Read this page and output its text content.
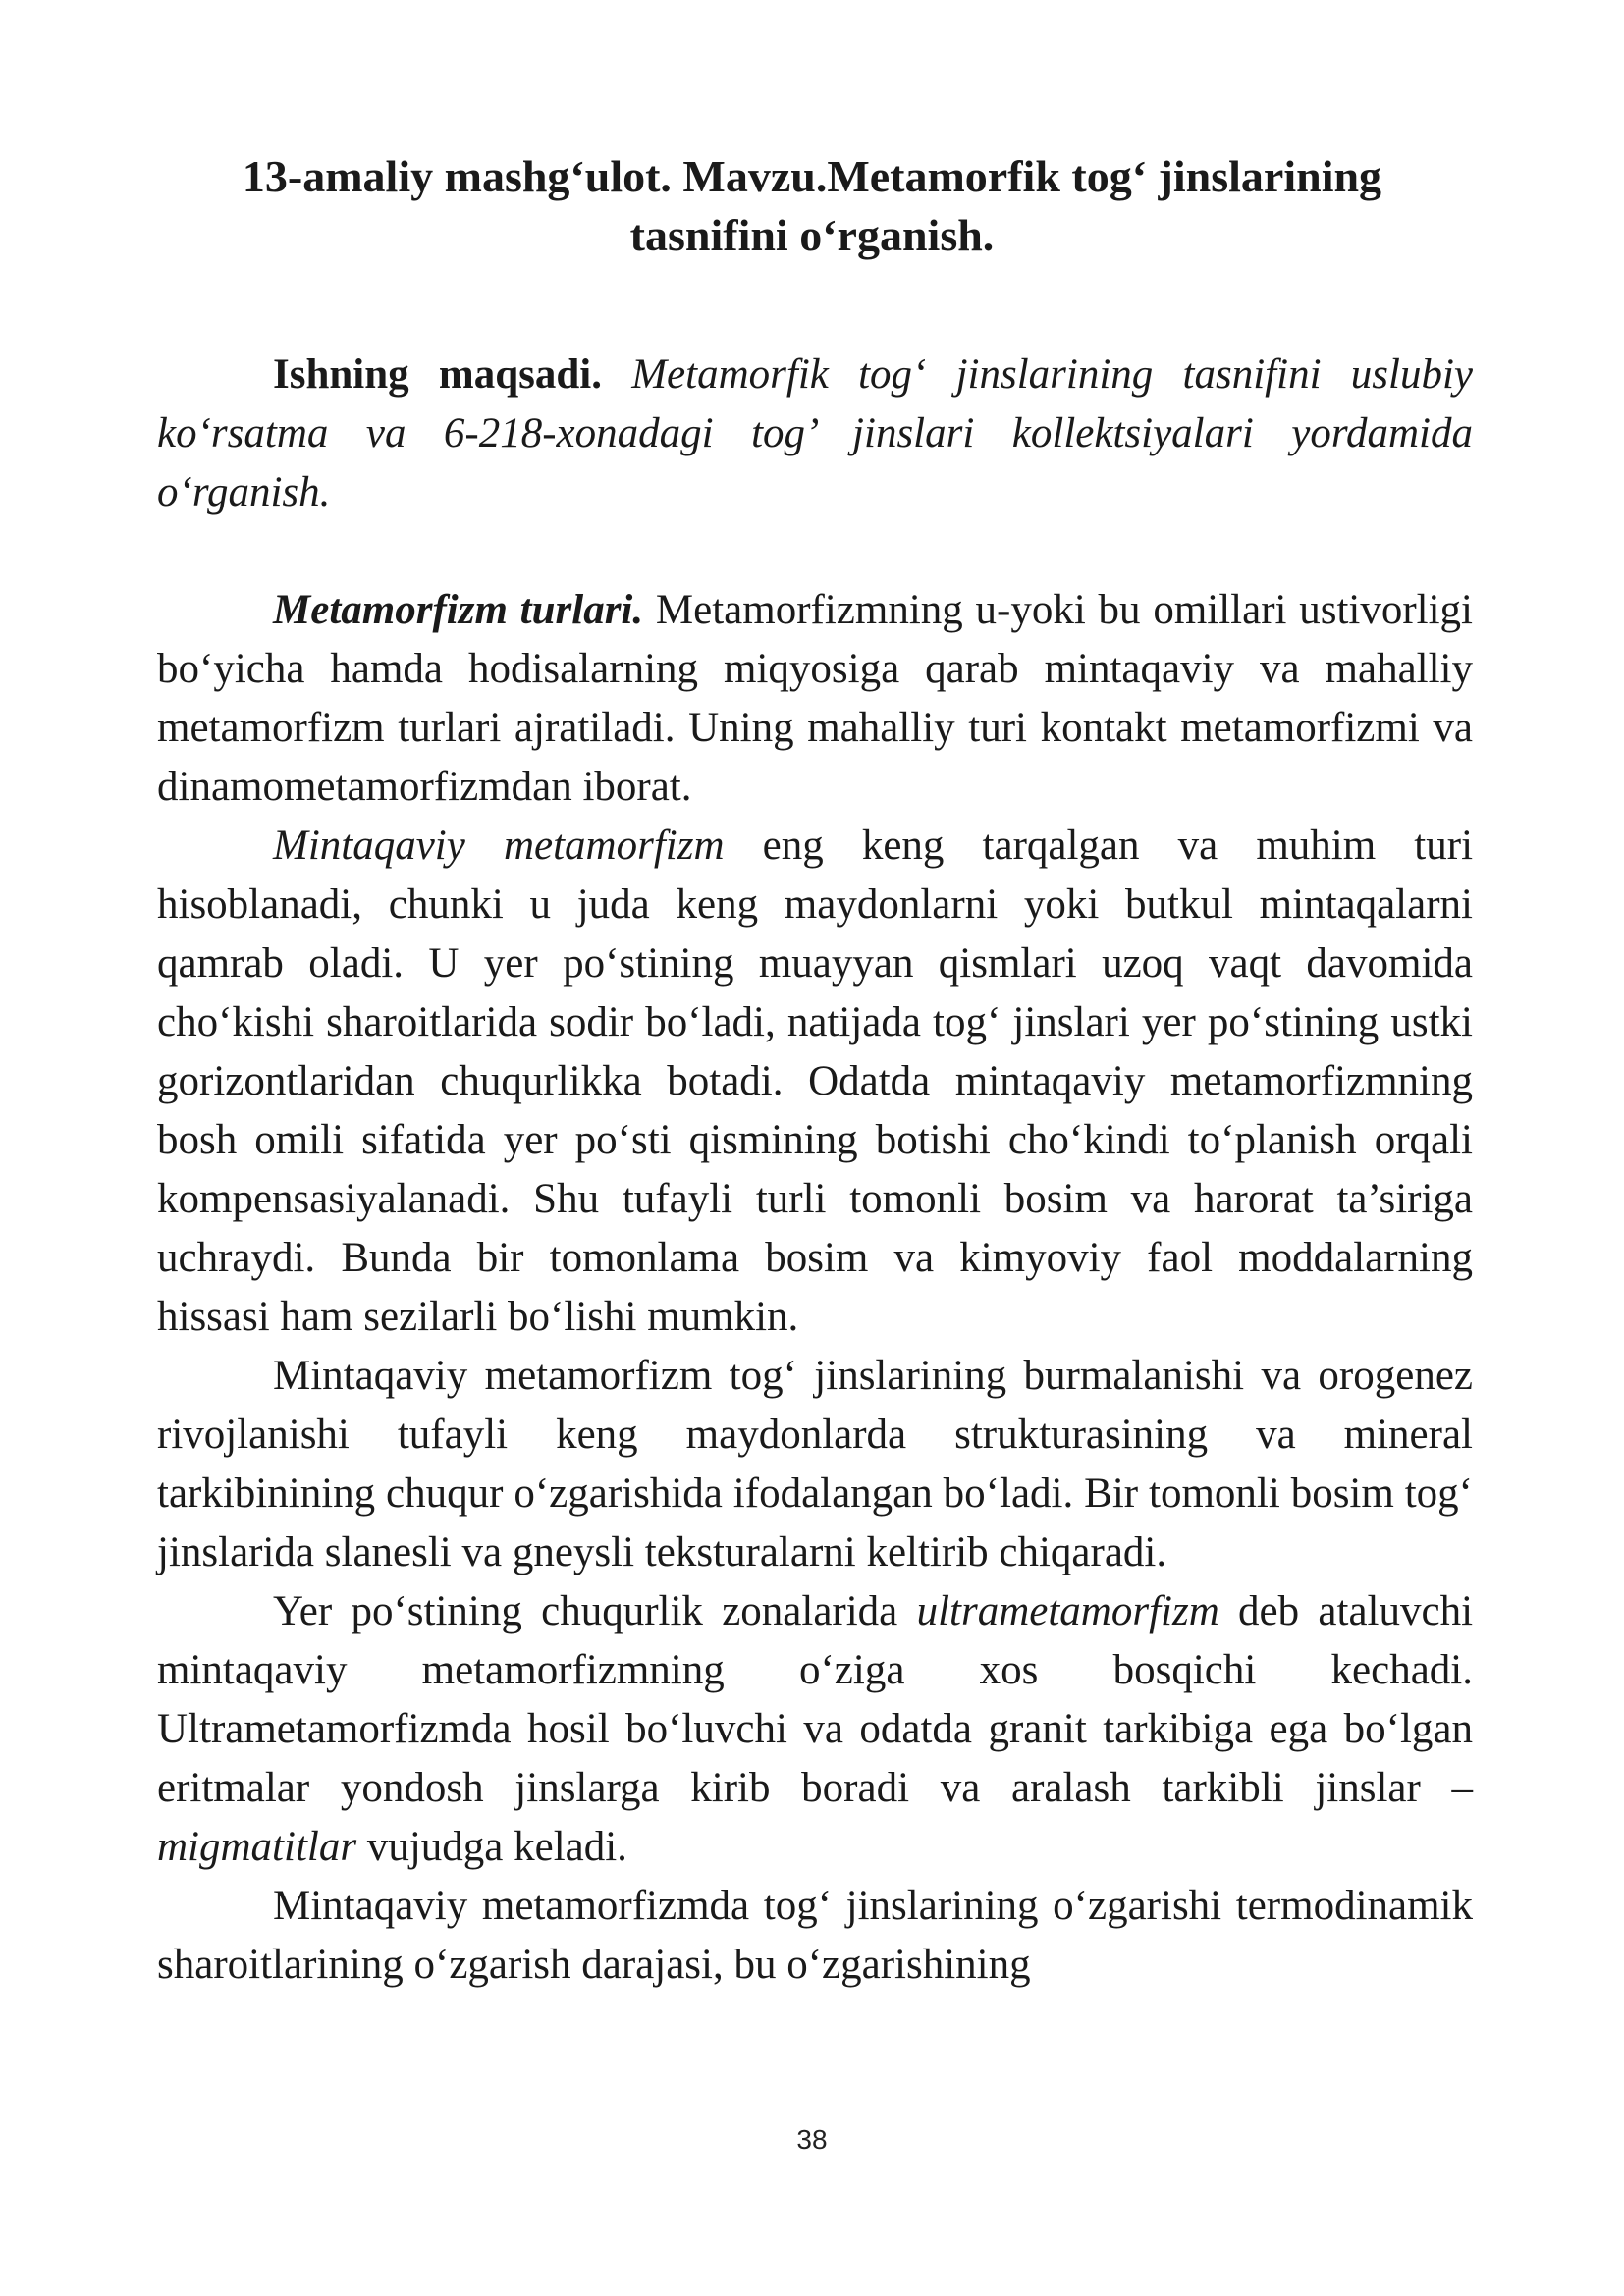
13-amaliy mashg‘ulot. Mavzu.Metamorfik tog‘ jinslarining
tasnifini o‘rganish.

Ishning maqsadi. Metamorfik tog‘ jinslarining tasnifini uslubiy ko‘rsatma va 6-218-xonadagi tog’ jinslari kollektsiyalari yordamida o‘rganish.

Metamorfizm turlari. Metamorfizmning u-yoki bu omillari ustivorligi bo‘yicha hamda hodisalarning miqyosiga qarab mintaqaviy va mahalliy metamorfizm turlari ajratiladi. Uning mahalliy turi kontakt metamorfizmi va dinamometamorfizmdan iborat.

Mintaqaviy metamorfizm eng keng tarqalgan va muhim turi hisoblanadi, chunki u juda keng maydonlarni yoki butkul mintaqalarni qamrab oladi. U yer po‘stining muayyan qismlari uzoq vaqt davomida cho‘kishi sharoitlarida sodir bo‘ladi, natijada tog‘ jinslari yer po‘stining ustki gorizontlaridan chuqurlikka botadi. Odatda mintaqaviy metamorfizmning bosh omili sifatida yer po‘sti qismining botishi cho‘kindi to‘planish orqali kompensasiyalanadi. Shu tufayli turli tomonli bosim va harorat ta’siriga uchraydi. Bunda bir tomonlama bosim va kimyoviy faol moddalarning hissasi ham sezilarli bo‘lishi mumkin.

Mintaqaviy metamorfizm tog‘ jinslarining burmalanishi va orogenez rivojlanishi tufayli keng maydonlarda strukturasining va mineral tarkibinining chuqur o‘zgarishida ifodalangan bo‘ladi. Bir tomonli bosim tog‘ jinslarida slanesli va gneysli teksturalarni keltirib chiqaradi.

Yer po‘stining chuqurlik zonalarida ultrametamorfizm deb ataluvchi mintaqaviy metamorfizmning o‘ziga xos bosqichi kechadi. Ultrametamorfizmda hosil bo‘luvchi va odatda granit tarkibiga ega bo‘lgan eritmalar yondosh jinslarga kirib boradi va aralash tarkibli jinslar – migmatitlar vujudga keladi.

Mintaqaviy metamorfizmda tog‘ jinslarining o‘zgarishi termodinamik sharoitlarining o‘zgarish darajasi, bu o‘zgarishining

38
